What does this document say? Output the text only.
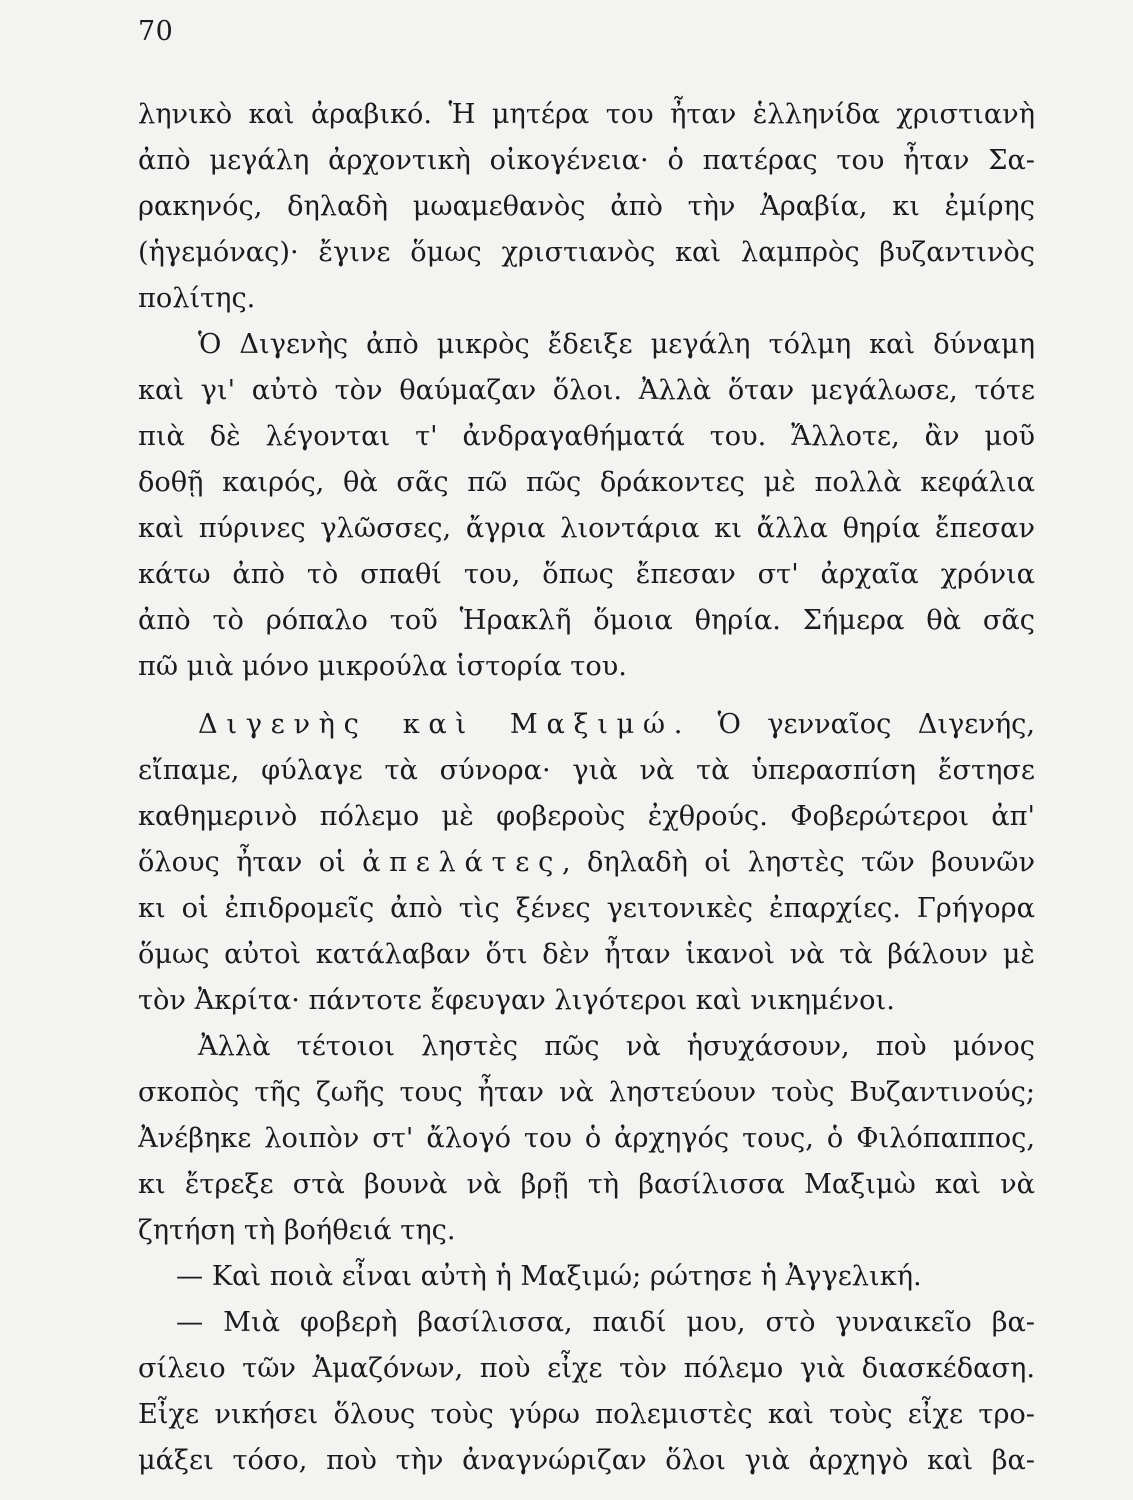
70
ληνικὸ καὶ ἀραβικό. Ἡ μητέρα του ἦταν ἑλληνίδα χριστιανὴ
ἀπὸ μεγάλη ἀρχοντικὴ οἰκογένεια· ὁ πατέρας του ἦταν Σα-
ρακηνός, δηλαδὴ μωαμεθανὸς ἀπὸ τὴν Ἀραβία, κι ἐμίρης
(ἡγεμόνας)· ἔγινε ὅμως χριστιανὸς καὶ λαμπρὸς βυζαντινὸς
πολίτης.
Ὁ Διγενὴς ἀπὸ μικρὸς ἔδειξε μεγάλη τόλμη καὶ δύναμη
καὶ γι' αὐτὸ τὸν θαύμαζαν ὅλοι. Ἀλλὰ ὅταν μεγάλωσε, τότε
πιὰ δὲ λέγονται τ' ἀνδραγαθήματά του. Ἄλλοτε, ἂν μοῦ
δοθῇ καιρός, θὰ σᾶς πῶ πῶς δράκοντες μὲ πολλὰ κεφάλια
καὶ πύρινες γλῶσσες, ἄγρια λιοντάρια κι ἄλλα θηρία ἔπεσαν
κάτω ἀπὸ τὸ σπαθί του, ὅπως ἔπεσαν στ' ἀρχαῖα χρόνια
ἀπὸ τὸ ρόπαλο τοῦ Ἡρακλῆ ὅμοια θηρία. Σήμερα θὰ σᾶς
πῶ μιὰ μόνο μικρούλα ἱστορία του.
Διγενὴς καὶ Μαξιμώ. Ὁ γενναῖος Διγενής,
εἴπαμε, φύλαγε τὰ σύνορα· γιὰ νὰ τὰ ὑπερασπίση ἔστησε
καθημερινὸ πόλεμο μὲ φοβεροὺς ἐχθρούς. Φοβερώτεροι ἀπ'
ὅλους ἦταν οἱ ἀπελάτες, δηλαδὴ οἱ ληστὲς τῶν βουνῶν
κι οἱ ἐπιδρομεῖς ἀπὸ τὶς ξένες γειτονικὲς ἐπαρχίες. Γρήγορα
ὅμως αὐτοὶ κατάλαβαν ὅτι δὲν ἦταν ἱκανοὶ νὰ τὰ βάλουν μὲ
τὸν Ἀκρίτα· πάντοτε ἔφευγαν λιγότεροι καὶ νικημένοι.
Ἀλλὰ τέτοιοι ληστὲς πῶς νὰ ἡσυχάσουν, ποὺ μόνος
σκοπὸς τῆς ζωῆς τους ἦταν νὰ ληστεύουν τοὺς Βυζαντινούς;
Ἀνέβηκε λοιπὸν στ' ἄλογό του ὁ ἀρχηγός τους, ὁ Φιλόπαππος,
κι ἔτρεξε στὰ βουνὰ νὰ βρῇ τὴ βασίλισσα Μαξιμὼ καὶ νὰ
ζητήση τὴ βοήθειά της.
— Καὶ ποιὰ εἶναι αὐτὴ ἡ Μαξιμώ; ρώτησε ἡ Ἀγγελική.
— Μιὰ φοβερὴ βασίλισσα, παιδί μου, στὸ γυναικεῖο βα-
σίλειο τῶν Ἀμαζόνων, ποὺ εἶχε τὸν πόλεμο γιὰ διασκέδαση.
Εἶχε νικήσει ὅλους τοὺς γύρω πολεμιστὲς καὶ τοὺς εἶχε τρο-
μάξει τόσο, ποὺ τὴν ἀναγνώριζαν ὅλοι γιὰ ἀρχηγὸ καὶ βα-
